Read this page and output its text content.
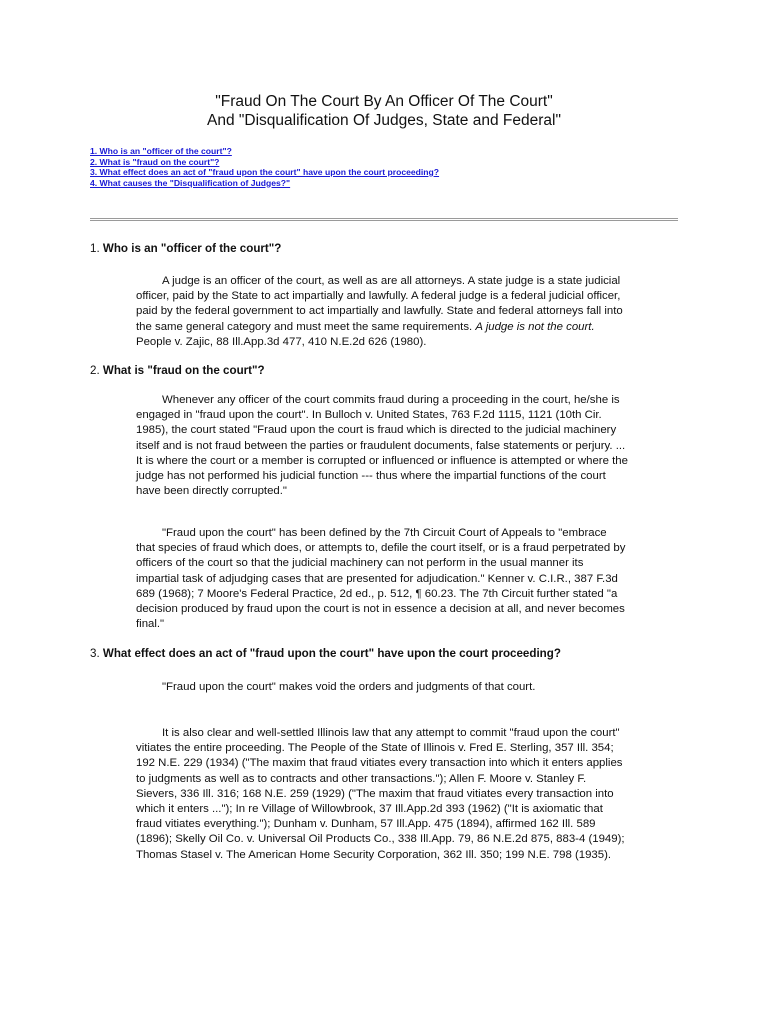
"Fraud On The Court By An Officer Of The Court"
And "Disqualification Of Judges, State and Federal"
1. Who is an "officer of the court"?
2. What is "fraud on the court"?
3. What effect does an act of "fraud upon the court" have upon the court proceeding?
4. What causes the "Disqualification of Judges?"
1. Who is an "officer of the court"?
A judge is an officer of the court, as well as are all attorneys. A state judge is a state judicial
officer, paid by the State to act impartially and lawfully. A federal judge is a federal judicial officer,
paid by the federal government to act impartially and lawfully. State and federal attorneys fall into
the same general category and must meet the same requirements. A judge is not the court.
People v. Zajic, 88 Ill.App.3d 477, 410 N.E.2d 626 (1980).
2. What is "fraud on the court"?
Whenever any officer of the court commits fraud during a proceeding in the court, he/she is
engaged in "fraud upon the court". In Bulloch v. United States, 763 F.2d 1115, 1121 (10th Cir.
1985), the court stated "Fraud upon the court is fraud which is directed to the judicial machinery
itself and is not fraud between the parties or fraudulent documents, false statements or perjury. ...
It is where the court or a member is corrupted or influenced or influence is attempted or where the
judge has not performed his judicial function --- thus where the impartial functions of the court
have been directly corrupted."
"Fraud upon the court" has been defined by the 7th Circuit Court of Appeals to "embrace
that species of fraud which does, or attempts to, defile the court itself, or is a fraud perpetrated by
officers of the court so that the judicial machinery can not perform in the usual manner its
impartial task of adjudging cases that are presented for adjudication." Kenner v. C.I.R., 387 F.3d
689 (1968); 7 Moore's Federal Practice, 2d ed., p. 512, ¶ 60.23. The 7th Circuit further stated "a
decision produced by fraud upon the court is not in essence a decision at all, and never becomes
final."
3. What effect does an act of "fraud upon the court" have upon the court proceeding?
"Fraud upon the court" makes void the orders and judgments of that court.
It is also clear and well-settled Illinois law that any attempt to commit "fraud upon the court"
vitiates the entire proceeding. The People of the State of Illinois v. Fred E. Sterling, 357 Ill. 354;
192 N.E. 229 (1934) ("The maxim that fraud vitiates every transaction into which it enters applies
to judgments as well as to contracts and other transactions."); Allen F. Moore v. Stanley F.
Sievers, 336 Ill. 316; 168 N.E. 259 (1929) ("The maxim that fraud vitiates every transaction into
which it enters ..."); In re Village of Willowbrook, 37 Ill.App.2d 393 (1962) ("It is axiomatic that
fraud vitiates everything."); Dunham v. Dunham, 57 Ill.App. 475 (1894), affirmed 162 Ill. 589
(1896); Skelly Oil Co. v. Universal Oil Products Co., 338 Ill.App. 79, 86 N.E.2d 875, 883-4 (1949);
Thomas Stasel v. The American Home Security Corporation, 362 Ill. 350; 199 N.E. 798 (1935).
